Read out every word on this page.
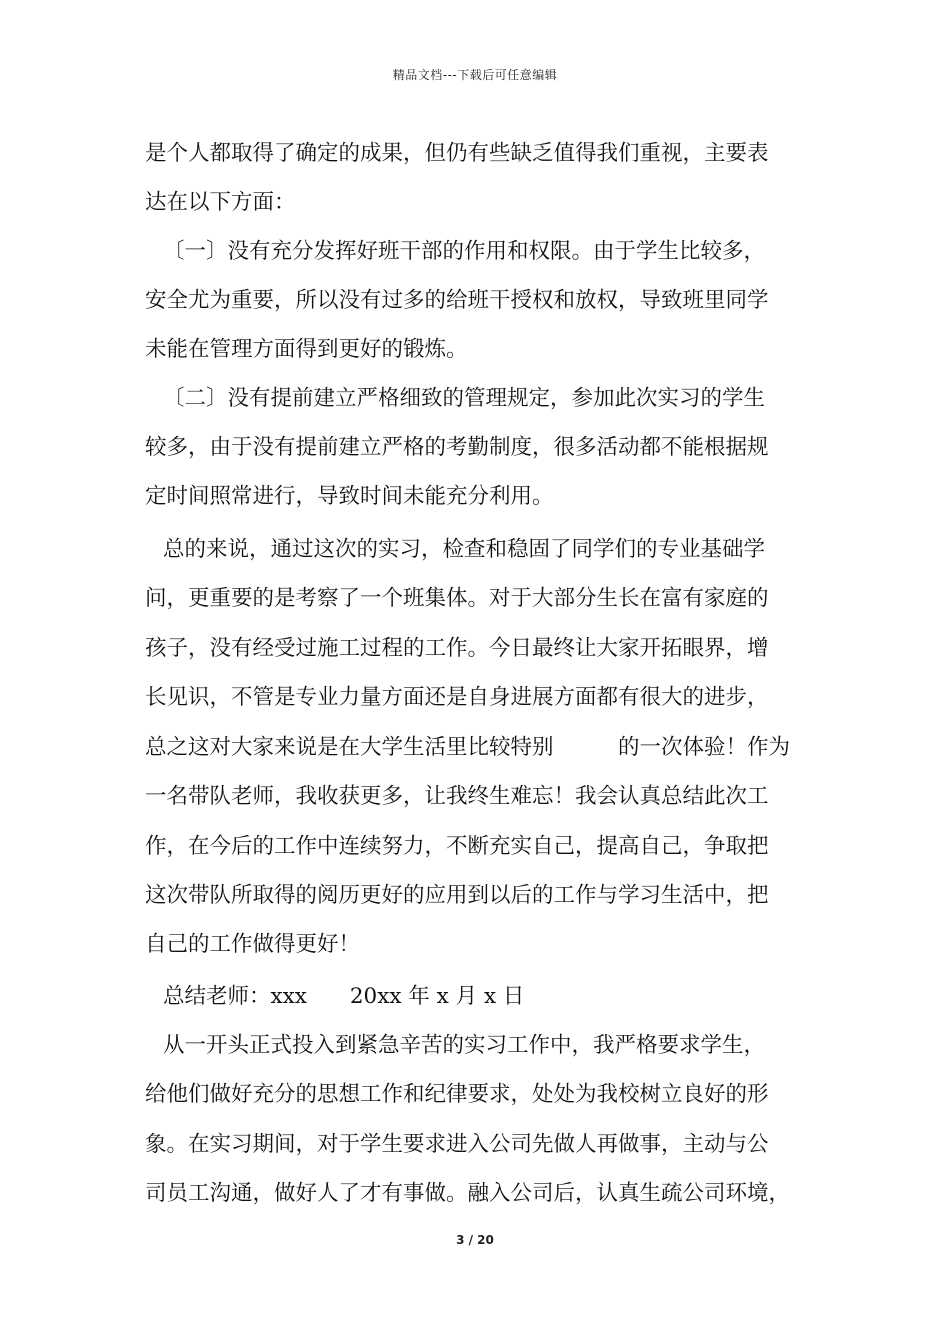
精品文档---下载后可任意编辑
是个人都取得了确定的成果，但仍有些缺乏值得我们重视，主要表
达在以下方面：
〔一〕没有充分发挥好班干部的作用和权限。由于学生比较多，
安全尤为重要，所以没有过多的给班干授权和放权，导致班里同学
未能在管理方面得到更好的锻炼。
〔二〕没有提前建立严格细致的管理规定，参加此次实习的学生
较多，由于没有提前建立严格的考勤制度，很多活动都不能根据规
定时间照常进行，导致时间未能充分利用。
总的来说，通过这次的实习，检查和稳固了同学们的专业基础学
问，更重要的是考察了一个班集体。对于大部分生长在富有家庭的
孩子，没有经受过施工过程的工作。今日最终让大家开拓眼界，增
长见识，不管是专业力量方面还是自身进展方面都有很大的进步，
总之这对大家来说是在大学生活里比较特别　　　的一次体验！作为
一名带队老师，我收获更多，让我终生难忘！我会认真总结此次工
作，在今后的工作中连续努力，不断充实自己，提高自己，争取把
这次带队所取得的阅历更好的应用到以后的工作与学习生活中，把
自己的工作做得更好！
总结老师：xxx　　20xx 年 x 月 x 日
从一开头正式投入到紧急辛苦的实习工作中，我严格要求学生，
给他们做好充分的思想工作和纪律要求，处处为我校树立良好的形
象。在实习期间，对于学生要求进入公司先做人再做事，主动与公
司员工沟通，做好人了才有事做。融入公司后，认真生疏公司环境，
3 / 20
